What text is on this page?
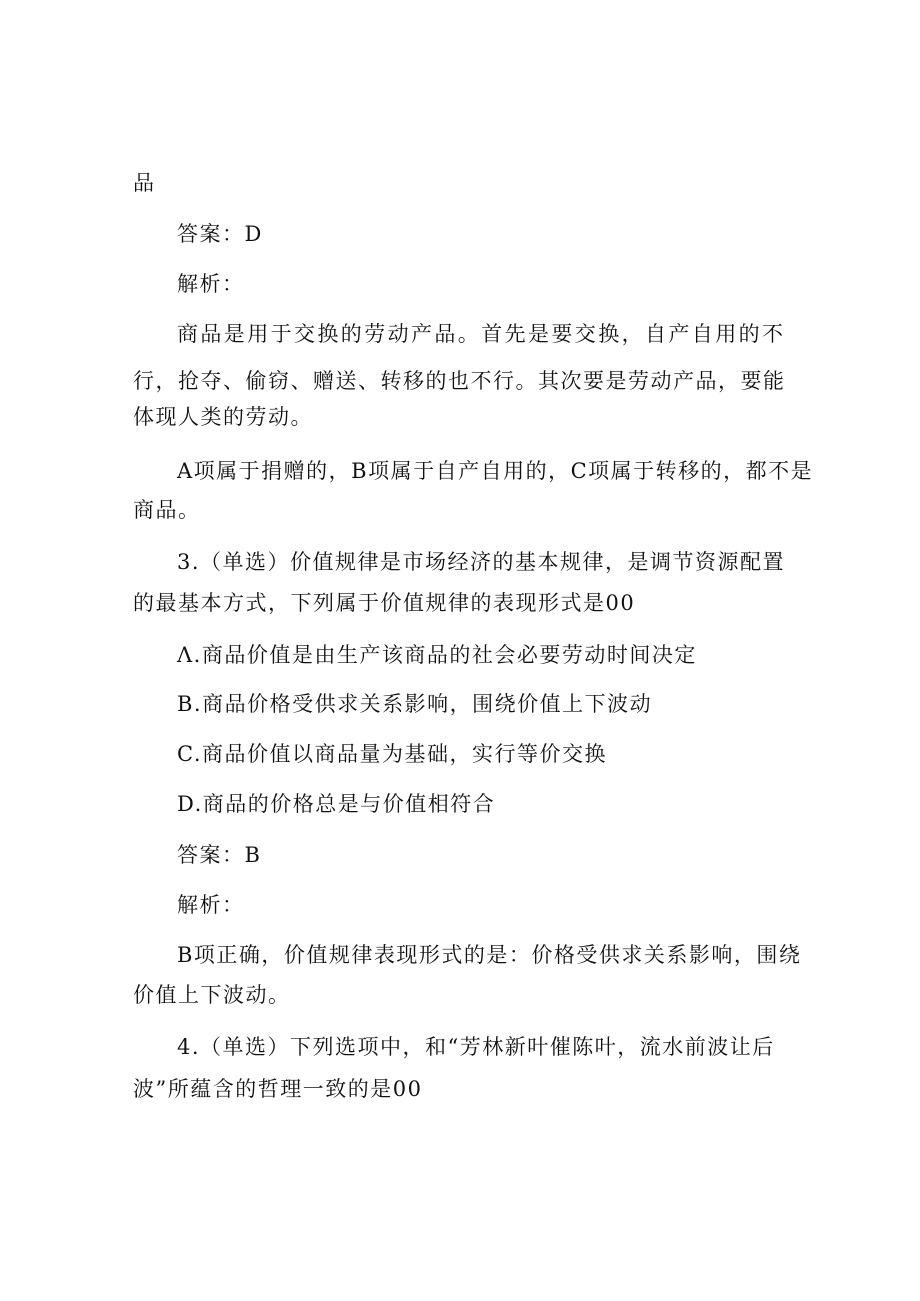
品
答案：D
解析：
商品是用于交换的劳动产品。首先是要交换，自产自用的不
行，抢夺、偷窃、赠送、转移的也不行。其次要是劳动产品，要能
体现人类的劳动。
A项属于捐赠的，B项属于自产自用的，C项属于转移的，都不是
商品。
3.（单选）价值规律是市场经济的基本规律，是调节资源配置
的最基本方式，下列属于价值规律的表现形式是00
Λ.商品价值是由生产该商品的社会必要劳动时间决定
B.商品价格受供求关系影响，围绕价值上下波动
C.商品价值以商品量为基础，实行等价交换
D.商品的价格总是与价值相符合
答案：B
解析：
B项正确，价值规律表现形式的是：价格受供求关系影响，围绕
价值上下波动。
4.（单选）下列选项中，和“芳林新叶催陈叶，流水前波让后
波”所蕴含的哲理一致的是00
